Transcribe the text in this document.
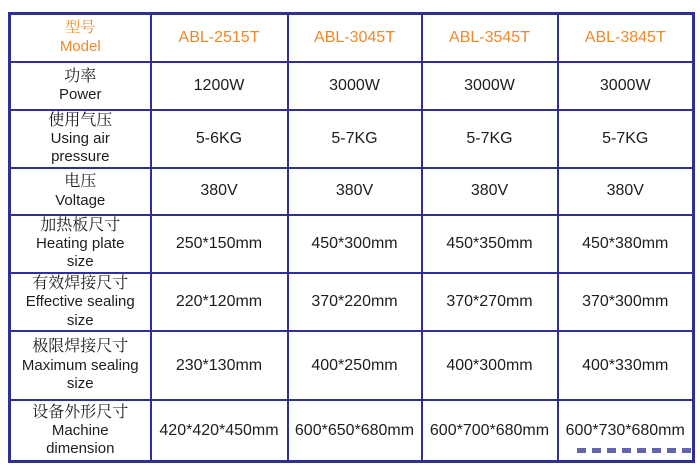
型号
Model	ABL-2515T	ABL-3045T	ABL-3545T	ABL-3845T

功率
Power	1200W	3000W	3000W	3000W

使用气压
Using air pressure	5-6KG	5-7KG	5-7KG	5-7KG

电压
Voltage	380V	380V	380V	380V

加热板尺寸
Heating plate size	250*150mm	450*300mm	450*350mm	450*380mm

有效焊接尺寸
Effective sealing size	220*120mm	370*220mm	370*270mm	370*300mm

极限焊接尺寸
Maximum sealing size	230*130mm	400*250mm	400*300mm	400*330mm

设备外形尺寸
Machine dimension	420*420*450mm	600*650*680mm	600*700*680mm	600*730*680mm
